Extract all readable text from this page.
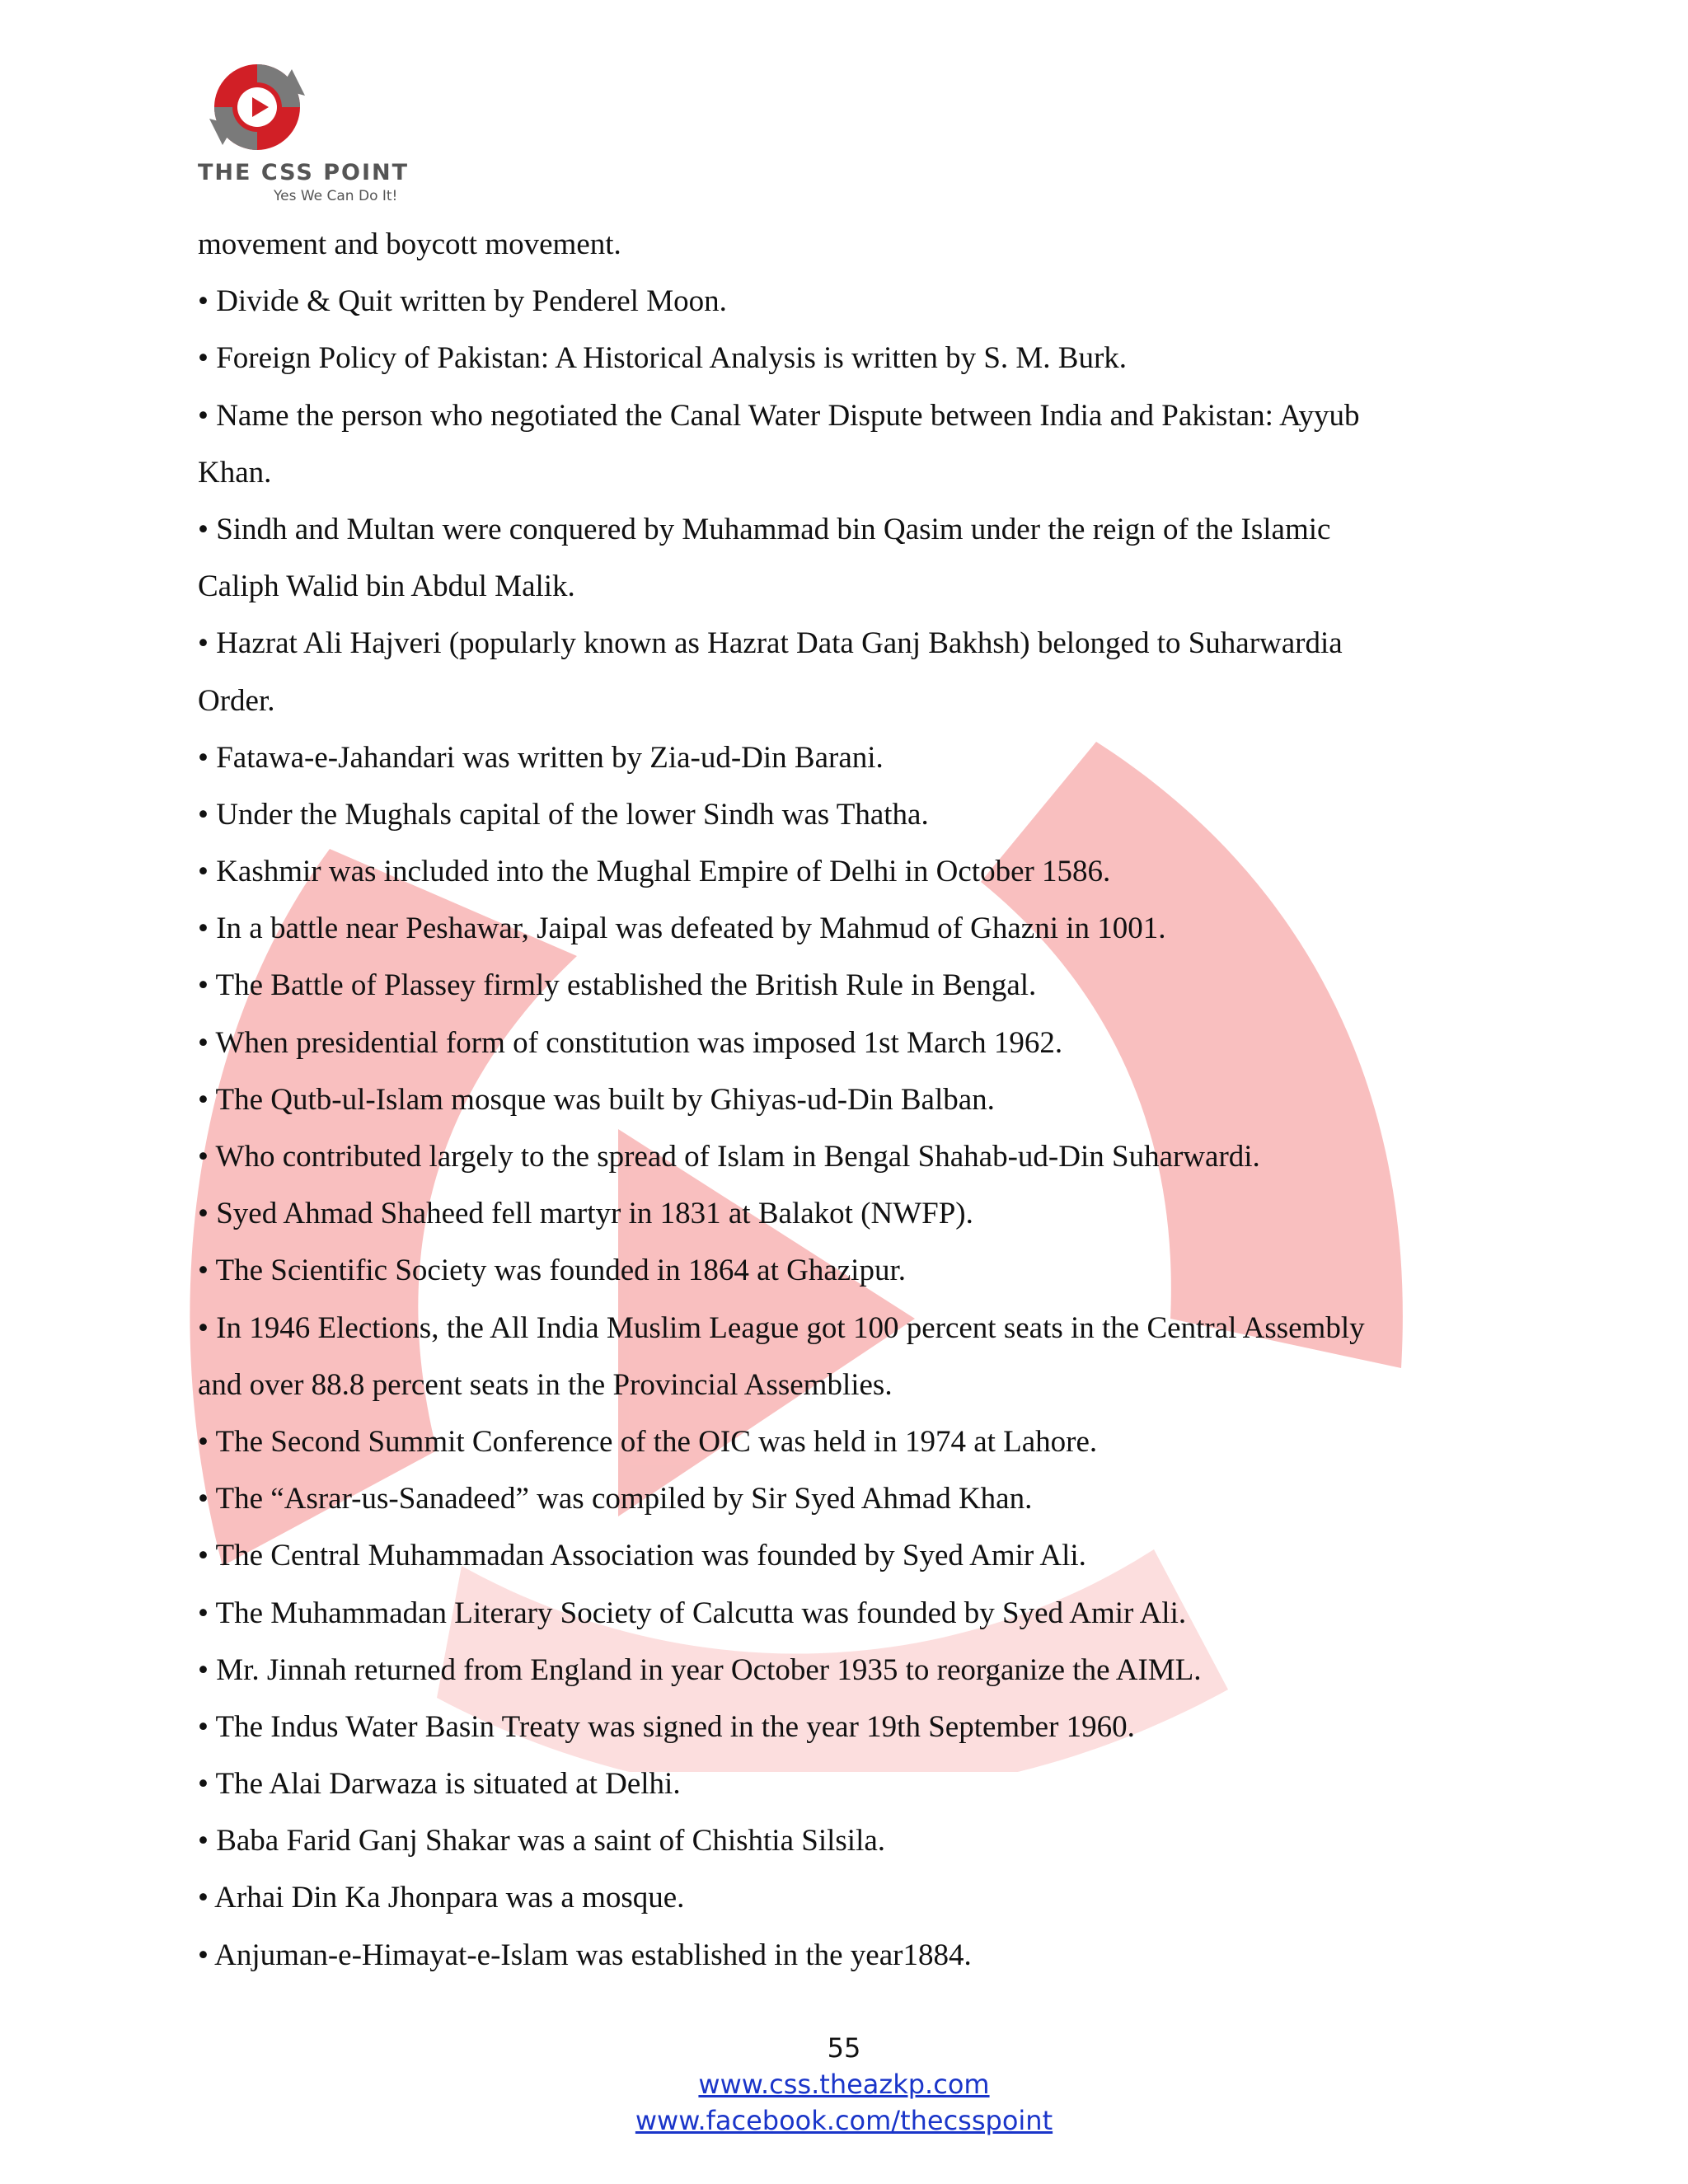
THE CSS POINT
Yes We Can Do It!
movement and boycott movement.
• Divide & Quit written by Penderel Moon.
• Foreign Policy of Pakistan: A Historical Analysis is written by S. M. Burk.
• Name the person who negotiated the Canal Water Dispute between India and Pakistan: Ayyub
Khan.
• Sindh and Multan were conquered by Muhammad bin Qasim under the reign of the Islamic
Caliph Walid bin Abdul Malik.
• Hazrat Ali Hajveri (popularly known as Hazrat Data Ganj Bakhsh) belonged to Suharwardia
Order.
• Fatawa-e-Jahandari was written by Zia-ud-Din Barani.
• Under the Mughals capital of the lower Sindh was Thatha.
• Kashmir was included into the Mughal Empire of Delhi in October 1586.
• In a battle near Peshawar, Jaipal was defeated by Mahmud of Ghazni in 1001.
• The Battle of Plassey firmly established the British Rule in Bengal.
• When presidential form of constitution was imposed 1st March 1962.
• The Qutb-ul-Islam mosque was built by Ghiyas-ud-Din Balban.
• Who contributed largely to the spread of Islam in Bengal Shahab-ud-Din Suharwardi.
• Syed Ahmad Shaheed fell martyr in 1831 at Balakot (NWFP).
• The Scientific Society was founded in 1864 at Ghazipur.
• In 1946 Elections, the All India Muslim League got 100 percent seats in the Central Assembly
and over 88.8 percent seats in the Provincial Assemblies.
• The Second Summit Conference of the OIC was held in 1974 at Lahore.
• The “Asrar-us-Sanadeed” was compiled by Sir Syed Ahmad Khan.
• The Central Muhammadan Association was founded by Syed Amir Ali.
• The Muhammadan Literary Society of Calcutta was founded by Syed Amir Ali.
• Mr. Jinnah returned from England in year October 1935 to reorganize the AIML.
• The Indus Water Basin Treaty was signed in the year 19th September 1960.
• The Alai Darwaza is situated at Delhi.
• Baba Farid Ganj Shakar was a saint of Chishtia Silsila.
• Arhai Din Ka Jhonpara was a mosque.
• Anjuman-e-Himayat-e-Islam was established in the year1884.
55
www.css.theazkp.com
www.facebook.com/thecsspoint
